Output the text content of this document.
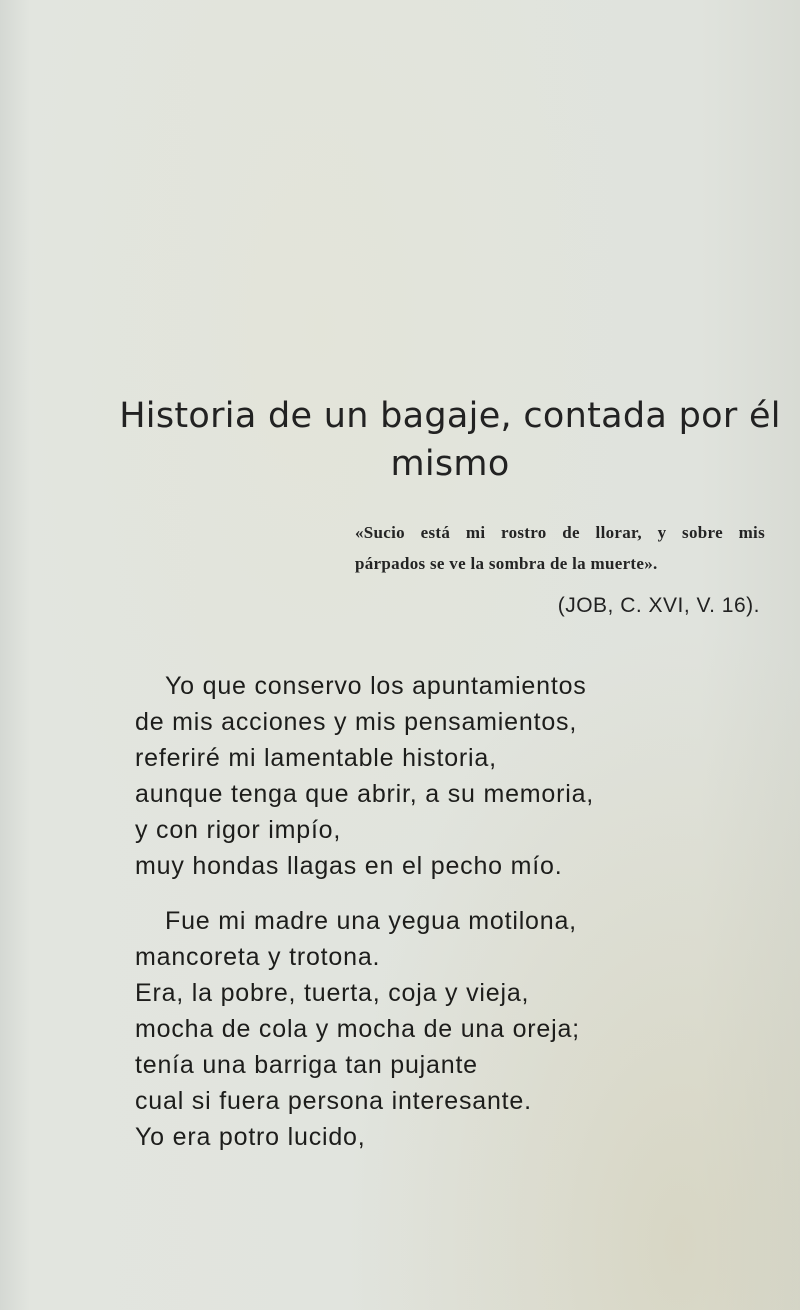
Historia de un bagaje, contada por él mismo
«Sucio está mi rostro de llorar, y sobre mis
párpados se ve la sombra de la muerte».
(JOB, C. XVI, V. 16).
Yo que conservo los apuntamientos
de mis acciones y mis pensamientos,
referiré mi lamentable historia,
aunque tenga que abrir, a su memoria,
y con rigor impío,
muy hondas llagas en el pecho mío.
Fue mi madre una yegua motilona,
mancoreta y trotona.
Era, la pobre, tuerta, coja y vieja,
mocha de cola y mocha de una oreja;
tenía una barriga tan pujante
cual si fuera persona interesante.
Yo era potro lucido,
